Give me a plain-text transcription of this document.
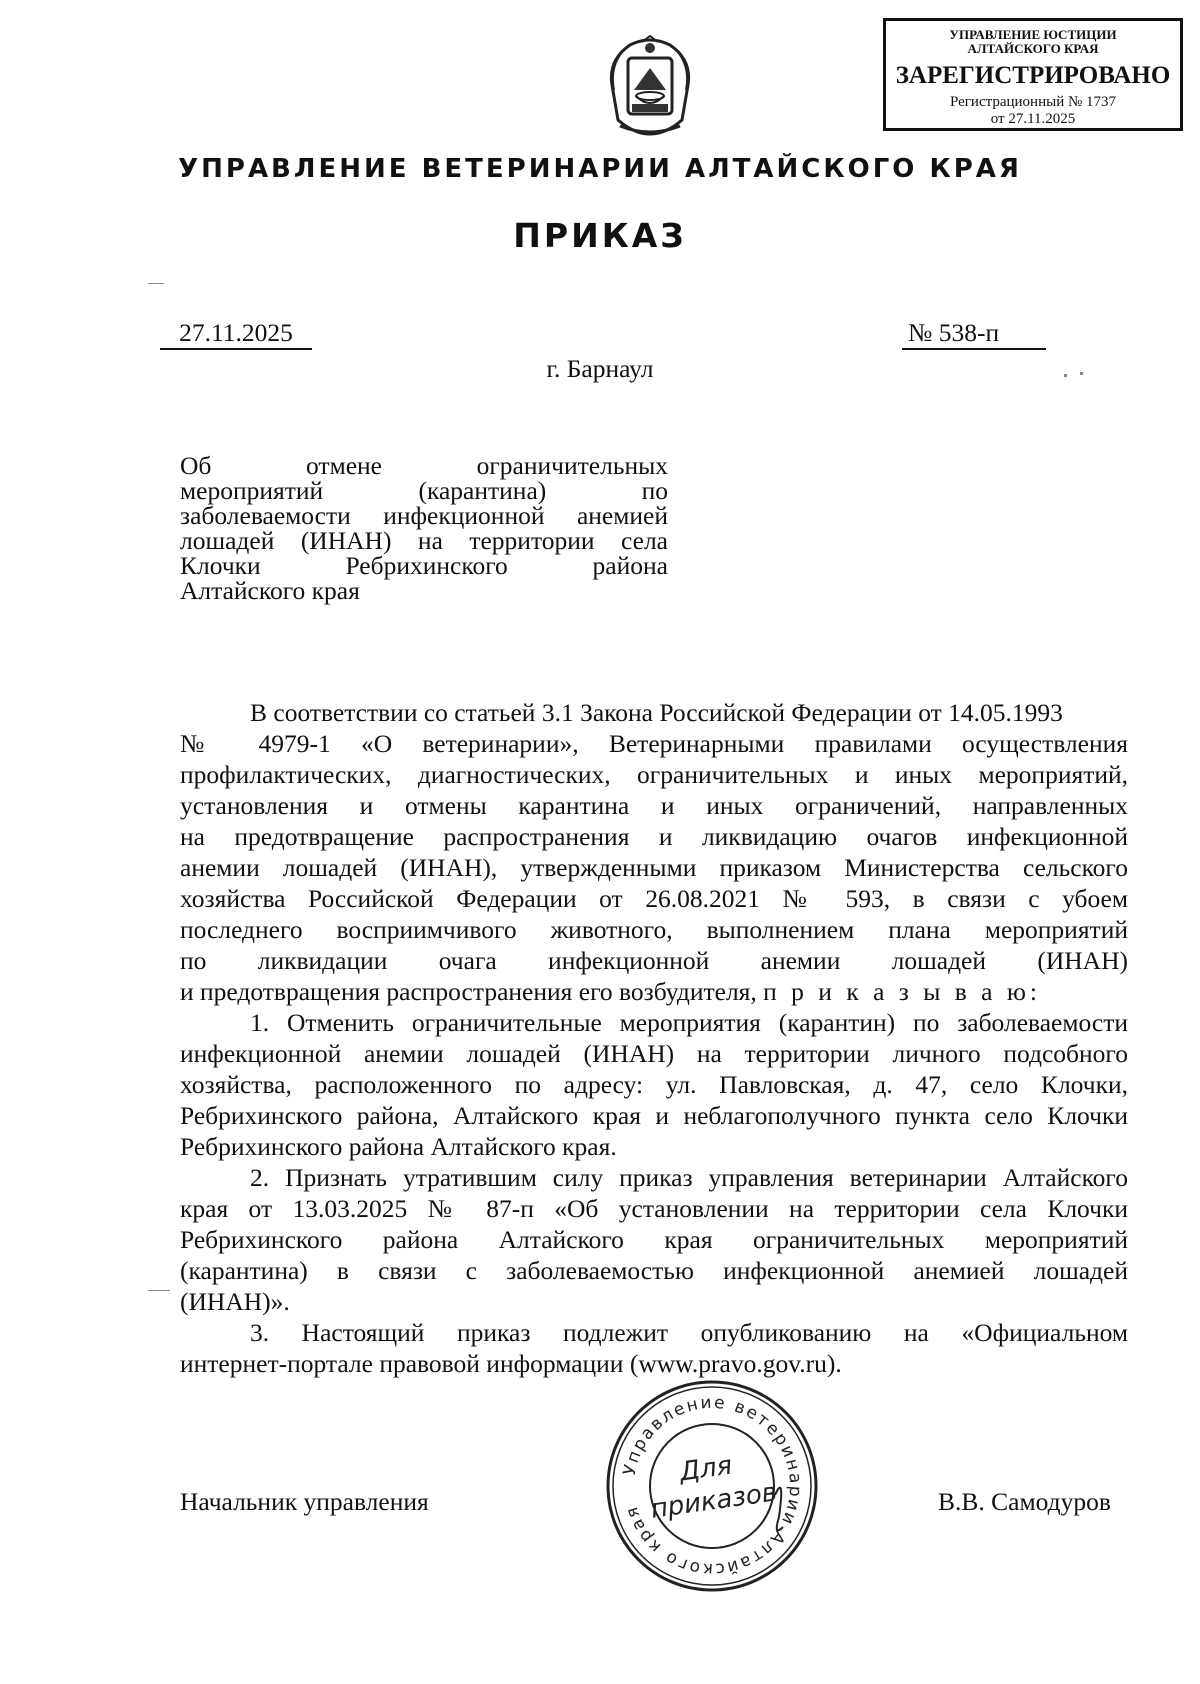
УПРАВЛЕНИЕ ЮСТИЦИИ
АЛТАЙСКОГО КРАЯ
ЗАРЕГИСТРИРОВАНО
Регистрационный № 1737
от 27.11.2025
УПРАВЛЕНИЕ ВЕТЕРИНАРИИ АЛТАЙСКОГО КРАЯ
ПРИКАЗ
27.11.2025	№ 538-п
г. Барнаул
Об отмене ограничительных
мероприятий (карантина) по
заболеваемости инфекционной анемией
лошадей (ИНАН) на территории села
Клочки Ребрихинского района
Алтайского края
В соответствии со статьей 3.1 Закона Российской Федерации от 14.05.1993
№ 4979-1 «О ветеринарии», Ветеринарными правилами осуществления
профилактических, диагностических, ограничительных и иных мероприятий,
установления и отмены карантина и иных ограничений, направленных
на предотвращение распространения и ликвидацию очагов инфекционной
анемии лошадей (ИНАН), утвержденными приказом Министерства сельского
хозяйства Российской Федерации от 26.08.2021 № 593, в связи с убоем
последнего восприимчивого животного, выполнением плана мероприятий
по ликвидации очага инфекционной анемии лошадей (ИНАН)
и предотвращения распространения его возбудителя, п р и к а з ы в а ю:
1. Отменить ограничительные мероприятия (карантин) по заболеваемости
инфекционной анемии лошадей (ИНАН) на территории личного подсобного
хозяйства, расположенного по адресу: ул. Павловская, д. 47, село Клочки,
Ребрихинского района, Алтайского края и неблагополучного пункта село Клочки
Ребрихинского района Алтайского края.
2. Признать утратившим силу приказ управления ветеринарии Алтайского
края от 13.03.2025 № 87-п «Об установлении на территории села Клочки
Ребрихинского района Алтайского края ограничительных мероприятий
(карантина) в связи с заболеваемостью инфекционной анемией лошадей
(ИНАН)».
3. Настоящий приказ подлежит опубликованию на «Официальном
интернет-портале правовой информации (www.pravo.gov.ru).
Начальник управления	В.В. Самодуров
Управление ветеринарии Алтайского края
Для
приказов
